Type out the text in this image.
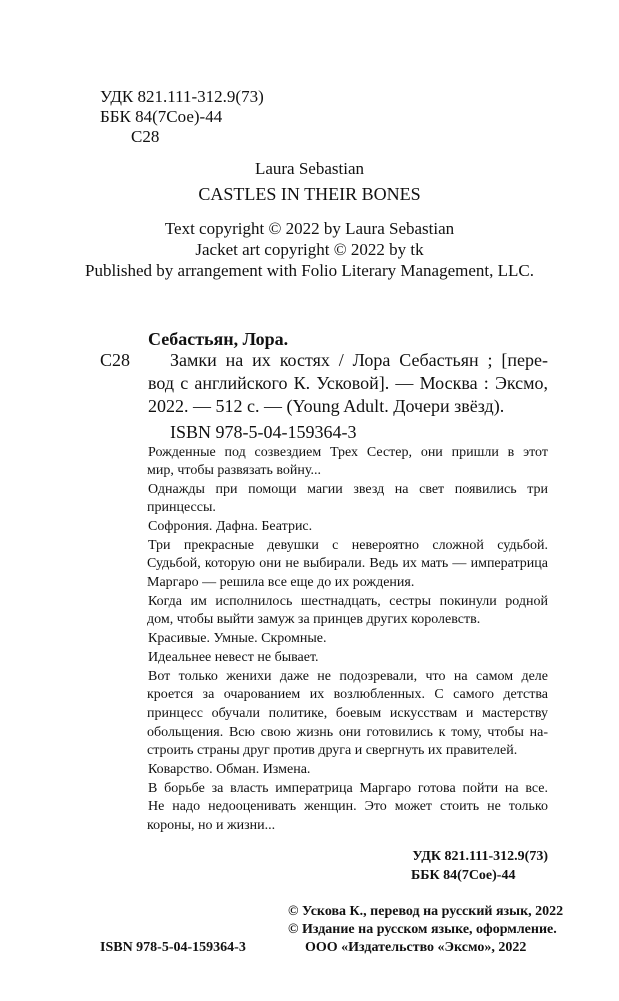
УДК 821.111-312.9(73)
ББК 84(7Сое)-44
С28
Laura Sebastian
CASTLES IN THEIR BONES
Text copyright © 2022 by Laura Sebastian
Jacket art copyright © 2022 by tk
Published by arrangement with Folio Literary Management, LLC.
Себастьян, Лора.
С28 Замки на их костях / Лора Себастьян ; [пере-
вод с английского К. Усковой]. — Москва : Эксмо,
2022. — 512 с. — (Young Adult. Дочери звёзд).
ISBN 978-5-04-159364-3
Рожденные под созвездием Трех Сестер, они пришли в этот
мир, чтобы развязать войну...
Однажды при помощи магии звезд на свет появились три
принцессы.
Софрония. Дафна. Беатрис.
Три прекрасные девушки с невероятно сложной судьбой.
Судьбой, которую они не выбирали. Ведь их мать — императрица
Маргаро — решила все еще до их рождения.
Когда им исполнилось шестнадцать, сестры покинули родной
дом, чтобы выйти замуж за принцев других королевств.
Красивые. Умные. Скромные.
Идеальнее невест не бывает.
Вот только женихи даже не подозревали, что на самом деле
кроется за очарованием их возлюбленных. С самого детства
принцесс обучали политике, боевым искусствам и мастерству
обольщения. Всю свою жизнь они готовились к тому, чтобы на-
строить страны друг против друга и свергнуть их правителей.
Коварство. Обман. Измена.
В борьбе за власть императрица Маргаро готова пойти на все.
Не надо недооценивать женщин. Это может стоить не только
короны, но и жизни...
УДК 821.111-312.9(73)
ББК 84(7Сое)-44
© Ускова К., перевод на русский язык, 2022
© Издание на русском языке, оформление.
ISBN 978-5-04-159364-3	ООО «Издательство «Эксмо», 2022
